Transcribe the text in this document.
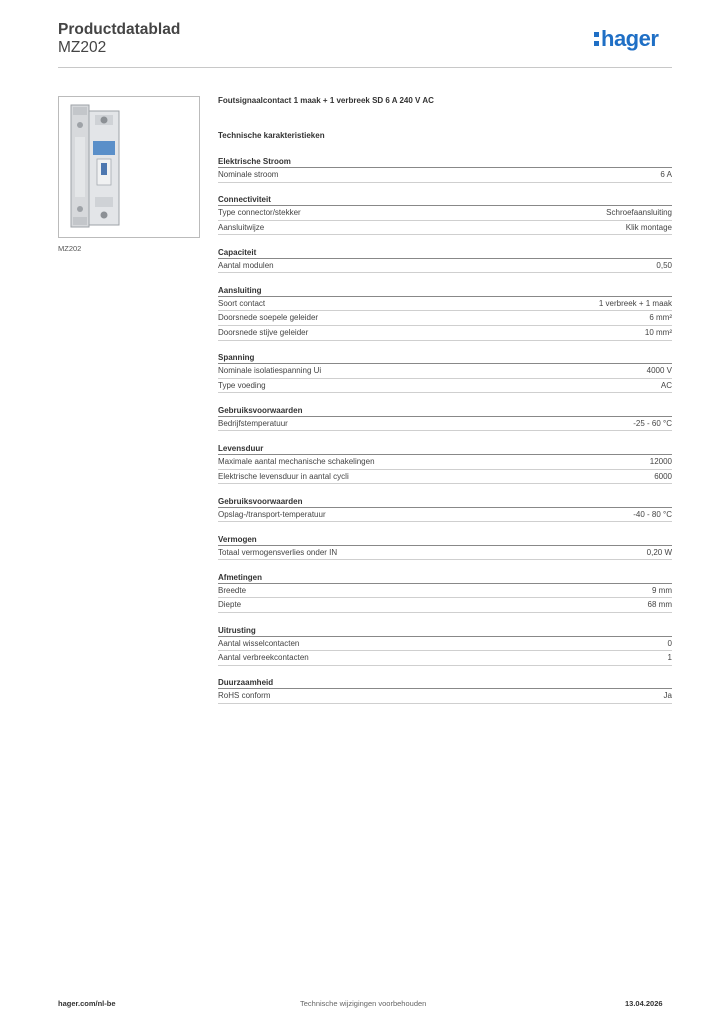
Productdatablad
MZ202	hager
MZ202
Foutsignaalcontact 1 maak + 1 verbreek SD 6 A 240 V AC
Technische karakteristieken
Elektrische Stroom
Nominale stroom	6 A
Connectiviteit
Type connector/stekker	Schroefaansluiting
Aansluitwijze	Klik montage
Capaciteit
Aantal modulen	0,50
Aansluiting
Soort contact	1 verbreek + 1 maak
Doorsnede soepele geleider	6 mm²
Doorsnede stijve geleider	10 mm²
Spanning
Nominale isolatiespanning Ui	4000 V
Type voeding	AC
Gebruiksvoorwaarden
Bedrijfstemperatuur	-25 - 60 °C
Levensduur
Maximale aantal mechanische schakelingen	12000
Elektrische levensduur in aantal cycli	6000
Gebruiksvoorwaarden
Opslag-/transport-temperatuur	-40 - 80 °C
Vermogen
Totaal vermogensverlies onder IN	0,20 W
Afmetingen
Breedte	9 mm
Diepte	68 mm
Uitrusting
Aantal wisselcontacten	0
Aantal verbreekcontacten	1
Duurzaamheid
RoHS conform	Ja
hager.com/nl-be	Technische wijzigingen voorbehouden	13.04.2026
